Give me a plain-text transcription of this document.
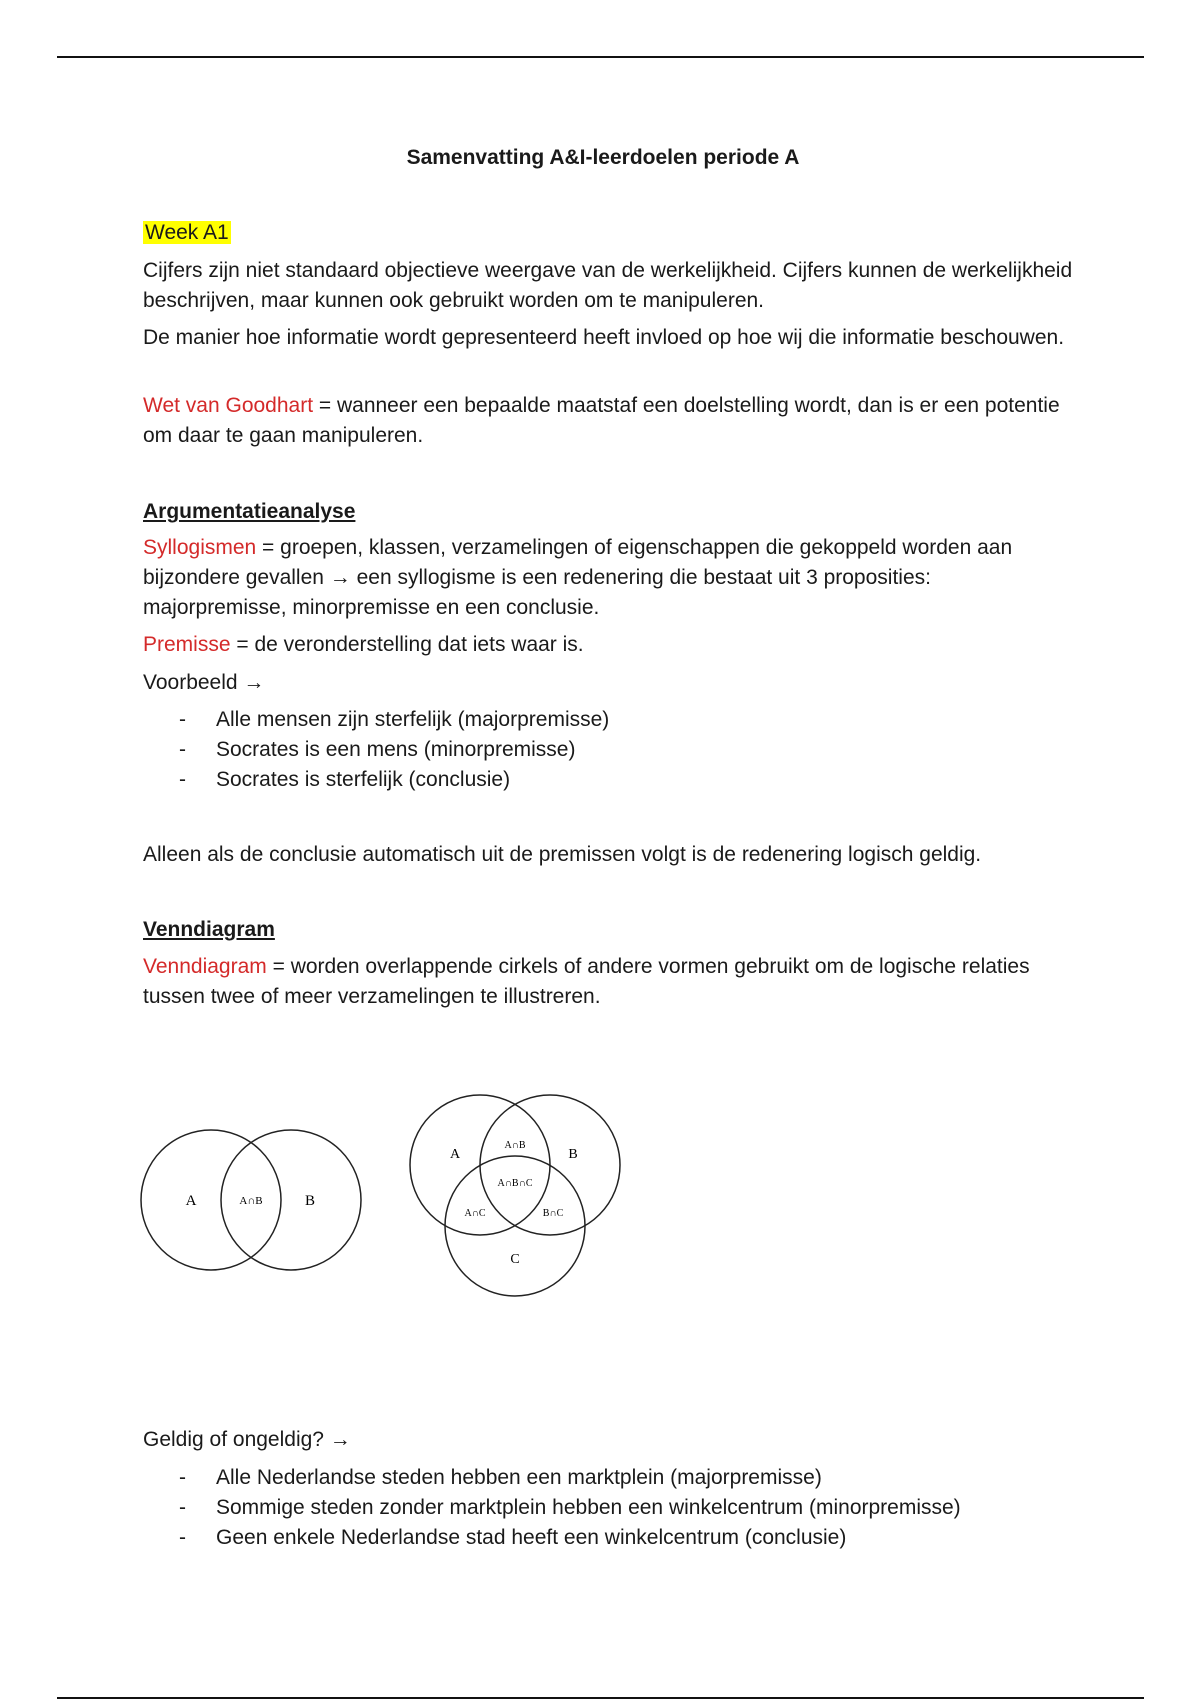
Samenvatting A&I-leerdoelen periode A
Week A1

Cijfers zijn niet standaard objectieve weergave van de werkelijkheid. Cijfers kunnen de werkelijkheid beschrijven, maar kunnen ook gebruikt worden om te manipuleren.

De manier hoe informatie wordt gepresenteerd heeft invloed op hoe wij die informatie beschouwen.

Wet van Goodhart = wanneer een bepaalde maatstaf een doelstelling wordt, dan is er een potentie om daar te gaan manipuleren.

Argumentatieanalyse

Syllogismen = groepen, klassen, verzamelingen of eigenschappen die gekoppeld worden aan bijzondere gevallen → een syllogisme is een redenering die bestaat uit 3 proposities: majorpremisse, minorpremisse en een conclusie.

Premisse = de veronderstelling dat iets waar is.

Voorbeeld →

- Alle mensen zijn sterfelijk (majorpremisse)
- Socrates is een mens (minorpremisse)
- Socrates is sterfelijk (conclusie)

Alleen als de conclusie automatisch uit de premissen volgt is de redenering logisch geldig.

Venndiagram

Venndiagram = worden overlappende cirkels of andere vormen gebruikt om de logische relaties tussen twee of meer verzamelingen te illustreren.

Geldig of ongeldig? →

- Alle Nederlandse steden hebben een marktplein (majorpremisse)
- Sommige steden zonder marktplein hebben een winkelcentrum (minorpremisse)
- Geen enkele Nederlandse stad heeft een winkelcentrum (conclusie)
A	A∩B	B
A	B
C
A∩B
A∩B∩C
A∩C	B∩C
